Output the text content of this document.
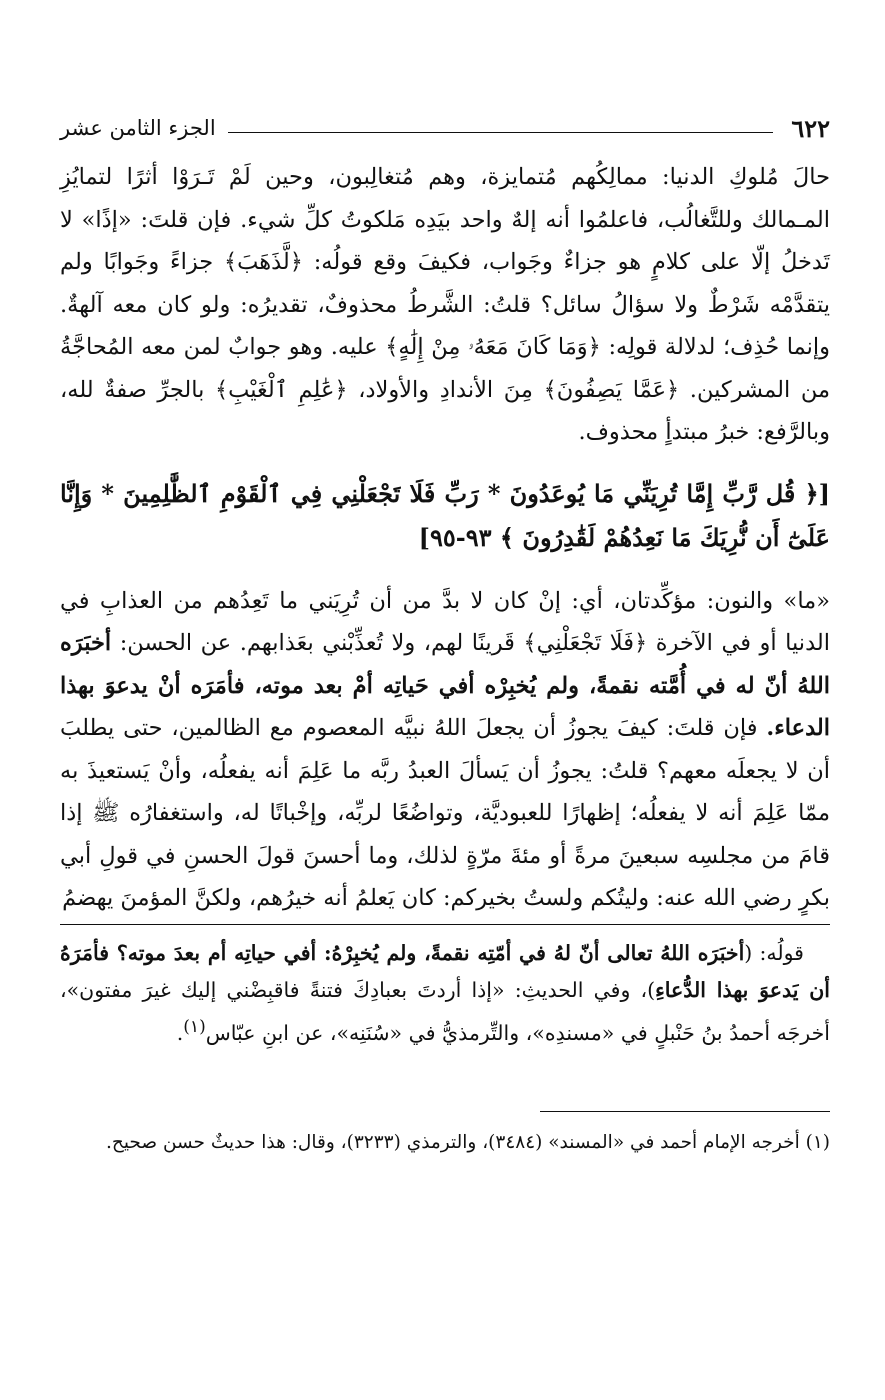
٦٢٢
الجزء الثامن عشر

حالَ مُلوكِ الدنيا: ممالِكُهم مُتمايزة، وهم مُتغالِبون، وحين لَمْ تَـرَوْا أثرًا لتمايُزِ المـمالك وللتَّغالُب، فاعلمُوا أنه إلهٌ واحد بيَدِه مَلكوتُ كلِّ شيء. فإن قلتَ: «إذًا» لا تَدخلُ إلّا على كلامٍ هو جزاءٌ وجَواب، فكيفَ وقع قولُه: ﴿لَّذَهَبَ﴾ جزاءً وجَوابًا ولم يتقدَّمْه شَرْطٌ ولا سؤالُ سائل؟ قلتُ: الشَّرطُ محذوفٌ، تقديرُه: ولو كان معه آلهةٌ. وإنما حُذِف؛ لدلالة قولِه: ﴿وَمَا كَانَ مَعَهُۥ مِنْ إِلَٰهٍ﴾ عليه. وهو جوابٌ لمن معه المُحاجَّةُ من المشركين. ﴿عَمَّا يَصِفُونَ﴾ مِنَ الأندادِ والأولاد، ﴿عَٰلِمِ ٱلْغَيْبِ﴾ بالجرِّ صفةٌ لله، وبالرَّفع: خبرُ مبتدأٍ محذوف.

[﴿ قُل رَّبِّ إِمَّا تُرِيَنِّي مَا يُوعَدُونَ * رَبِّ فَلَا تَجْعَلْنِي فِي ٱلْقَوْمِ ٱلظَّٰلِمِينَ * وَإِنَّا عَلَىٰٓ أَن نُّرِيَكَ مَا نَعِدُهُمْ لَقَٰدِرُونَ ﴾ ٩٣-٩٥]

«ما» والنون: مؤكِّدتان، أي: إنْ كان لا بدَّ من أن تُرِيَني ما تَعِدُهم من العذابِ في الدنيا أو في الآخرة ﴿فَلَا تَجْعَلْنِي﴾ قَرينًا لهم، ولا تُعذِّبْني بعَذابهم. عن الحسن: أخبَرَه اللهُ أنّ له في أُمَّته نقمةً، ولم يُخبِرْه أفي حَياتِه أمْ بعد موته، فأمَرَه أنْ يدعوَ بهذا الدعاء. فإن قلتَ: كيفَ يجوزُ أن يجعلَ اللهُ نبيَّه المعصوم مع الظالمين، حتى يطلبَ أن لا يجعلَه معهم؟ قلتُ: يجوزُ أن يَسألَ العبدُ ربَّه ما عَلِمَ أنه يفعلُه، وأنْ يَستعيذَ به ممّا عَلِمَ أنه لا يفعلُه؛ إظهارًا للعبوديَّة، وتواضُعًا لربِّه، وإخْباتًا له، واستغفارُه ﷺ إذا قامَ من مجلسِه سبعينَ مرةً أو مئةَ مرّةٍ لذلك، وما أحسنَ قولَ الحسنِ في قولِ أبي بكرٍ رضي الله عنه: وليتُكم ولستُ بخيركم: كان يَعلمُ أنه خيرُهم، ولكنَّ المؤمنَ يهضمُ

قولُه: (أخبَرَه اللهُ تعالى أنّ لهُ في أمّتِه نقمةً، ولم يُخبِرْهُ: أفي حياتِه أم بعدَ موته؟ فأمَرَهُ أن يَدعوَ بهذا الدُّعاءِ)، وفي الحديثِ: «إذا أردتَ بعبادِكَ فتنةً فاقبِضْني إليك غيرَ مفتون»، أخرجَه أحمدُ بنُ حَنْبلٍ في «مسندِه»، والتِّرمذيُّ في «سُنَنِه»، عن ابنِ عبّاس$^{(١)}$.

(١) أخرجه الإمام أحمد في «المسند» (٣٤٨٤)، والترمذي (٣٢٣٣)، وقال: هذا حديثٌ حسن صحيح.
